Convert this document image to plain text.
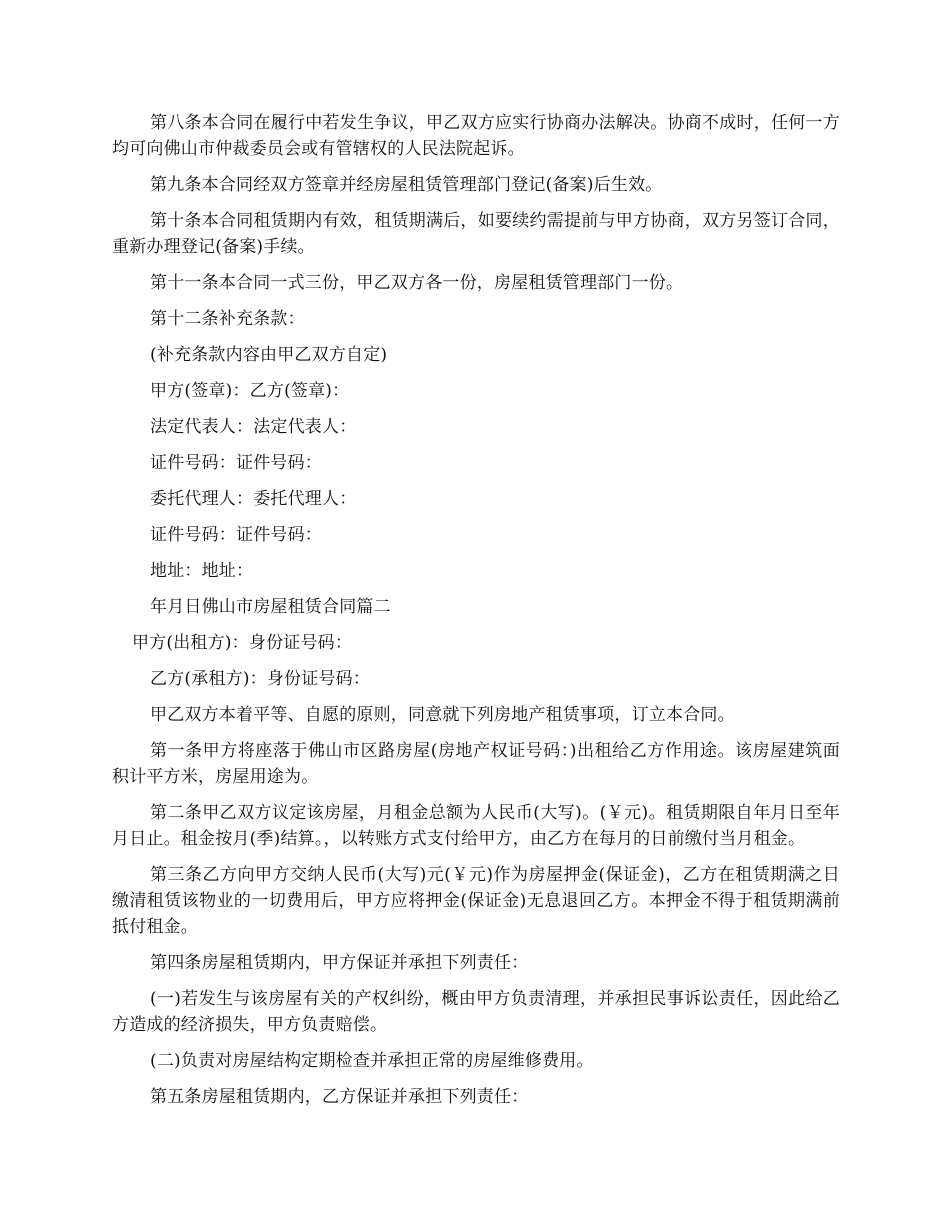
第八条本合同在履行中若发生争议，甲乙双方应实行协商办法解决。协商不成时，任何一方均可向佛山市仲裁委员会或有管辖权的人民法院起诉。

第九条本合同经双方签章并经房屋租赁管理部门登记(备案)后生效。

第十条本合同租赁期内有效，租赁期满后，如要续约需提前与甲方协商，双方另签订合同，重新办理登记(备案)手续。

第十一条本合同一式三份，甲乙双方各一份，房屋租赁管理部门一份。

第十二条补充条款：

(补充条款内容由甲乙双方自定)

甲方(签章)：乙方(签章)：

法定代表人：法定代表人：

证件号码：证件号码：

委托代理人：委托代理人：

证件号码：证件号码：

地址：地址：

年月日佛山市房屋租赁合同篇二

甲方(出租方)：身份证号码：

乙方(承租方)：身份证号码：

甲乙双方本着平等、自愿的原则，同意就下列房地产租赁事项，订立本合同。

第一条甲方将座落于佛山市区路房屋(房地产权证号码：)出租给乙方作用途。该房屋建筑面积计平方米，房屋用途为。

第二条甲乙双方议定该房屋，月租金总额为人民币(大写)。(￥元)。租赁期限自年月日至年月日止。租金按月(季)结算。，以转账方式支付给甲方，由乙方在每月的日前缴付当月租金。

第三条乙方向甲方交纳人民币(大写)元(￥元)作为房屋押金(保证金)，乙方在租赁期满之日缴清租赁该物业的一切费用后，甲方应将押金(保证金)无息退回乙方。本押金不得于租赁期满前抵付租金。

第四条房屋租赁期内，甲方保证并承担下列责任：

(一)若发生与该房屋有关的产权纠纷，概由甲方负责清理，并承担民事诉讼责任，因此给乙方造成的经济损失，甲方负责赔偿。

(二)负责对房屋结构定期检查并承担正常的房屋维修费用。

第五条房屋租赁期内，乙方保证并承担下列责任：
